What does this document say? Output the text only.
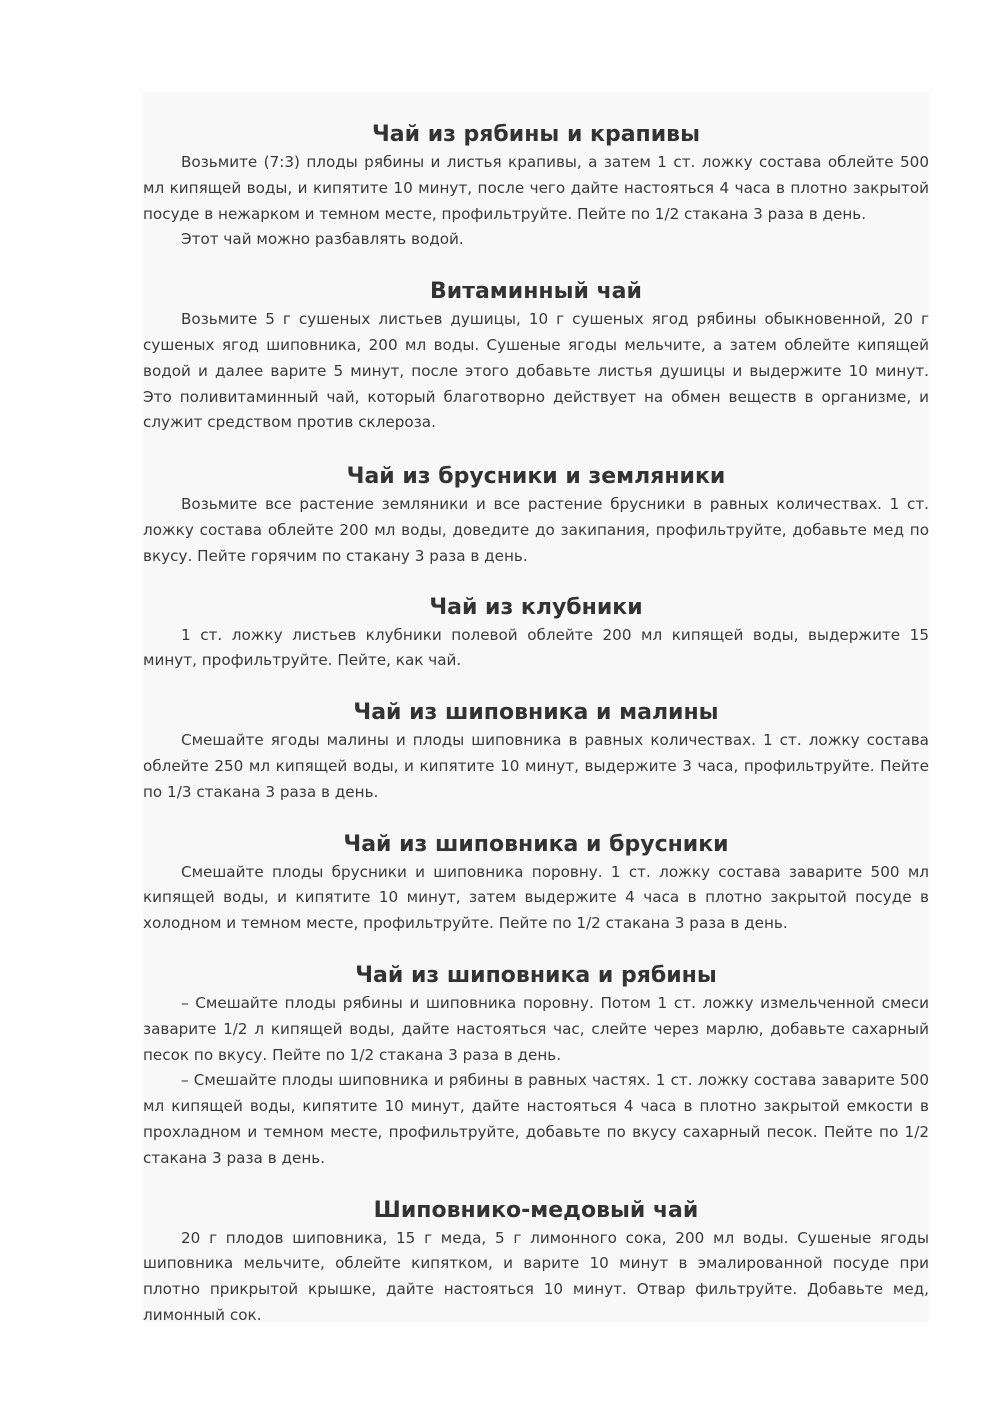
Чай из рябины и крапивы

Возьмите (7:3) плоды рябины и листья крапивы, а затем 1 ст. ложку состава облейте 500 мл кипящей воды, и кипятите 10 минут, после чего дайте настояться 4 часа в плотно закрытой посуде в нежарком и темном месте, профильтруйте. Пейте по 1/2 стакана 3 раза в день.

Этот чай можно разбавлять водой.

Витаминный чай

Возьмите 5 г сушеных листьев душицы, 10 г сушеных ягод рябины обыкновенной, 20 г сушеных ягод шиповника, 200 мл воды. Сушеные ягоды мельчите, а затем облейте кипящей водой и далее варите 5 минут, после этого добавьте листья душицы и выдержите 10 минут. Это поливитаминный чай, который благотворно действует на обмен веществ в организме, и служит средством против склероза.

Чай из брусники и земляники

Возьмите все растение земляники и все растение брусники в равных количествах. 1 ст. ложку состава облейте 200 мл воды, доведите до закипания, профильтруйте, добавьте мед по вкусу. Пейте горячим по стакану 3 раза в день.

Чай из клубники

1 ст. ложку листьев клубники полевой облейте 200 мл кипящей воды, выдержите 15 минут, профильтруйте. Пейте, как чай.

Чай из шиповника и малины

Смешайте ягоды малины и плоды шиповника в равных количествах. 1 ст. ложку состава облейте 250 мл кипящей воды, и кипятите 10 минут, выдержите 3 часа, профильтруйте. Пейте по 1/3 стакана 3 раза в день.

Чай из шиповника и брусники

Смешайте плоды брусники и шиповника поровну. 1 ст. ложку состава заварите 500 мл кипящей воды, и кипятите 10 минут, затем выдержите 4 часа в плотно закрытой посуде в холодном и темном месте, профильтруйте. Пейте по 1/2 стакана 3 раза в день.

Чай из шиповника и рябины

– Смешайте плоды рябины и шиповника поровну. Потом 1 ст. ложку измельченной смеси заварите 1/2 л кипящей воды, дайте настояться час, слейте через марлю, добавьте сахарный песок по вкусу. Пейте по 1/2 стакана 3 раза в день.

– Смешайте плоды шиповника и рябины в равных частях. 1 ст. ложку состава заварите 500 мл кипящей воды, кипятите 10 минут, дайте настояться 4 часа в плотно закрытой емкости в прохладном и темном месте, профильтруйте, добавьте по вкусу сахарный песок. Пейте по 1/2 стакана 3 раза в день.

Шиповнико-медовый чай

20 г плодов шиповника, 15 г меда, 5 г лимонного сока, 200 мл воды. Сушеные ягоды шиповника мельчите, облейте кипятком, и варите 10 минут в эмалированной посуде при плотно прикрытой крышке, дайте настояться 10 минут. Отвар фильтруйте. Добавьте мед, лимонный сок.
